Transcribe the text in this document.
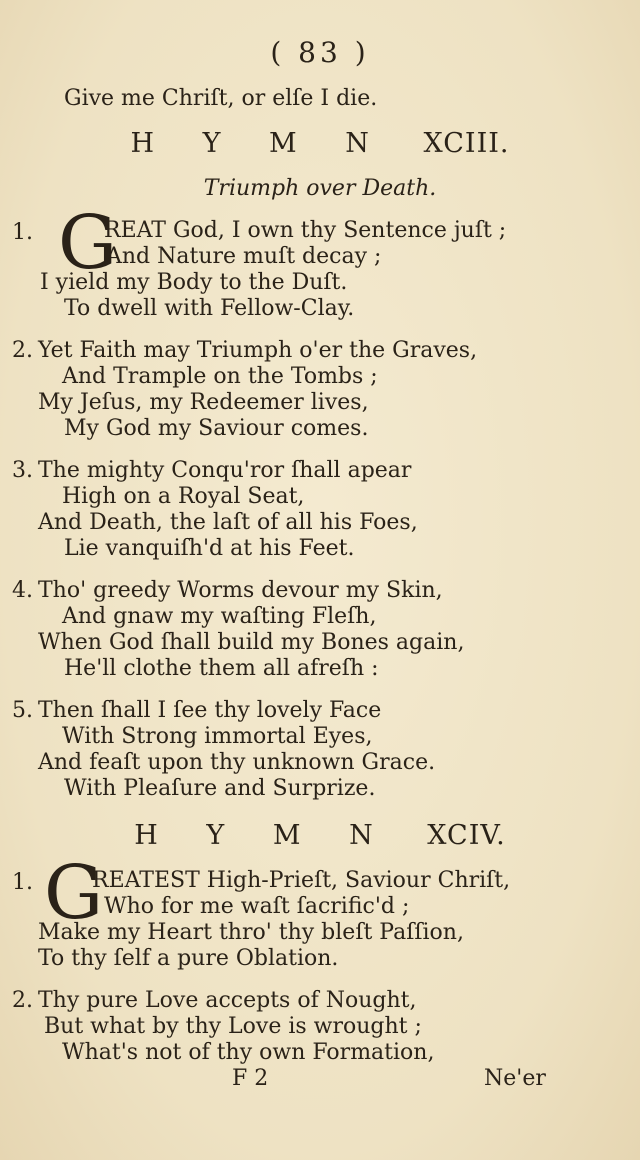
( 83 )
Give me Chriſt, or elſe I die.
H Y M N XCIII.
Triumph over Death.
1. G
REAT God, I own thy Sentence juſt ;
And Nature muſt decay ;
I yield my Body to the Duſt.
To dwell with Fellow-Clay.
2. Yet Faith may Triumph o'er the Graves,
And Trample on the Tombs ;
My Jeſus, my Redeemer lives,
My God my Saviour comes.
3. The mighty Conqu'ror ſhall apear
High on a Royal Seat,
And Death, the laſt of all his Foes,
Lie vanquiſh'd at his Feet.
4. Tho' greedy Worms devour my Skin,
And gnaw my waſting Fleſh,
When God ſhall build my Bones again,
He'll clothe them all afreſh :
5. Then ſhall I ſee thy lovely Face
With Strong immortal Eyes,
And feaſt upon thy unknown Grace.
With Pleaſure and Surprize.
H Y M N XCIV.
1. G
REATEST High-Prieſt, Saviour Chriſt,
Who for me waſt ſacrific'd ;
Make my Heart thro' thy bleſt Paſſion,
To thy ſelf a pure Oblation.
2. Thy pure Love accepts of Nought,
But what by thy Love is wrought ;
What's not of thy own Formation,
F 2	Ne'er
